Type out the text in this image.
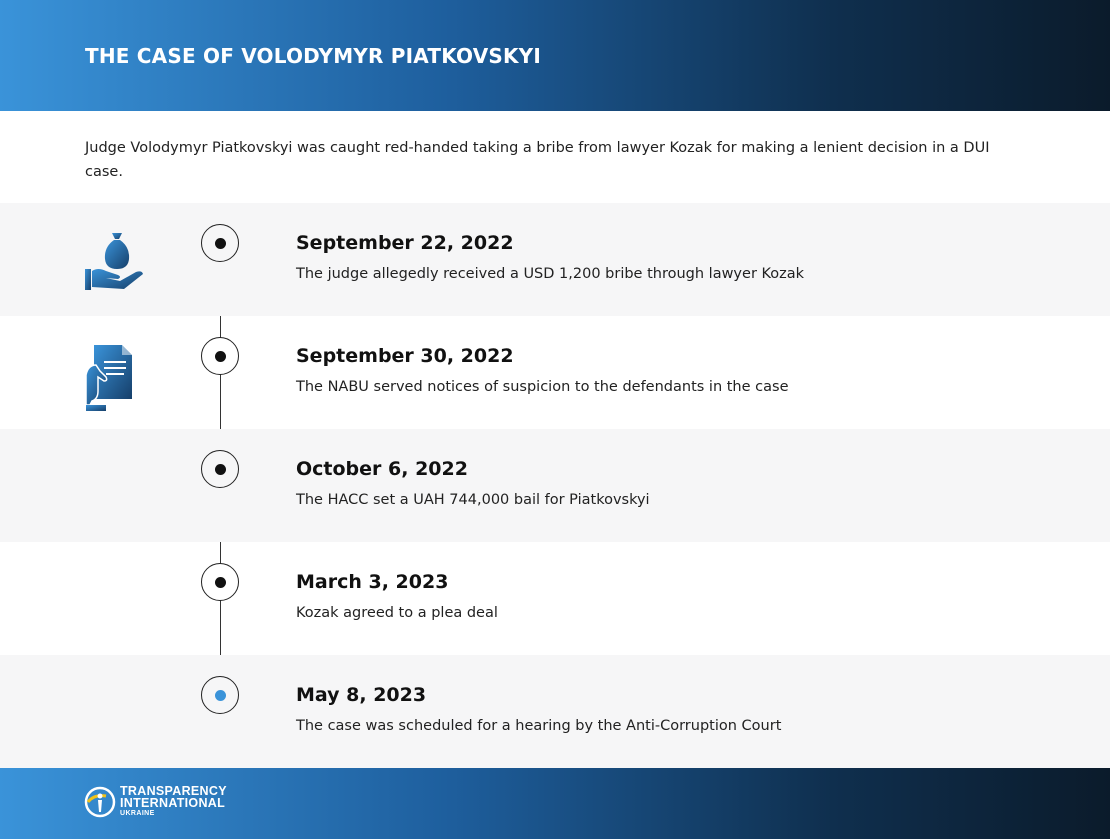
THE CASE OF VOLODYMYR PIATKOVSKYI

Judge Volodymyr Piatkovskyi was caught red-handed taking a bribe from lawyer Kozak for making a lenient decision in a DUI case.

September 22, 2022

The judge allegedly received a USD 1,200 bribe through lawyer Kozak

September 30, 2022

The NABU served notices of suspicion to the defendants in the case

October 6, 2022

The HACC set a UAH 744,000 bail for Piatkovskyi

March 3, 2023

Kozak agreed to a plea deal

May 8, 2023

The case was scheduled for a hearing by the Anti-Corruption Court

TRANSPARENCY
INTERNATIONAL
UKRAINE
